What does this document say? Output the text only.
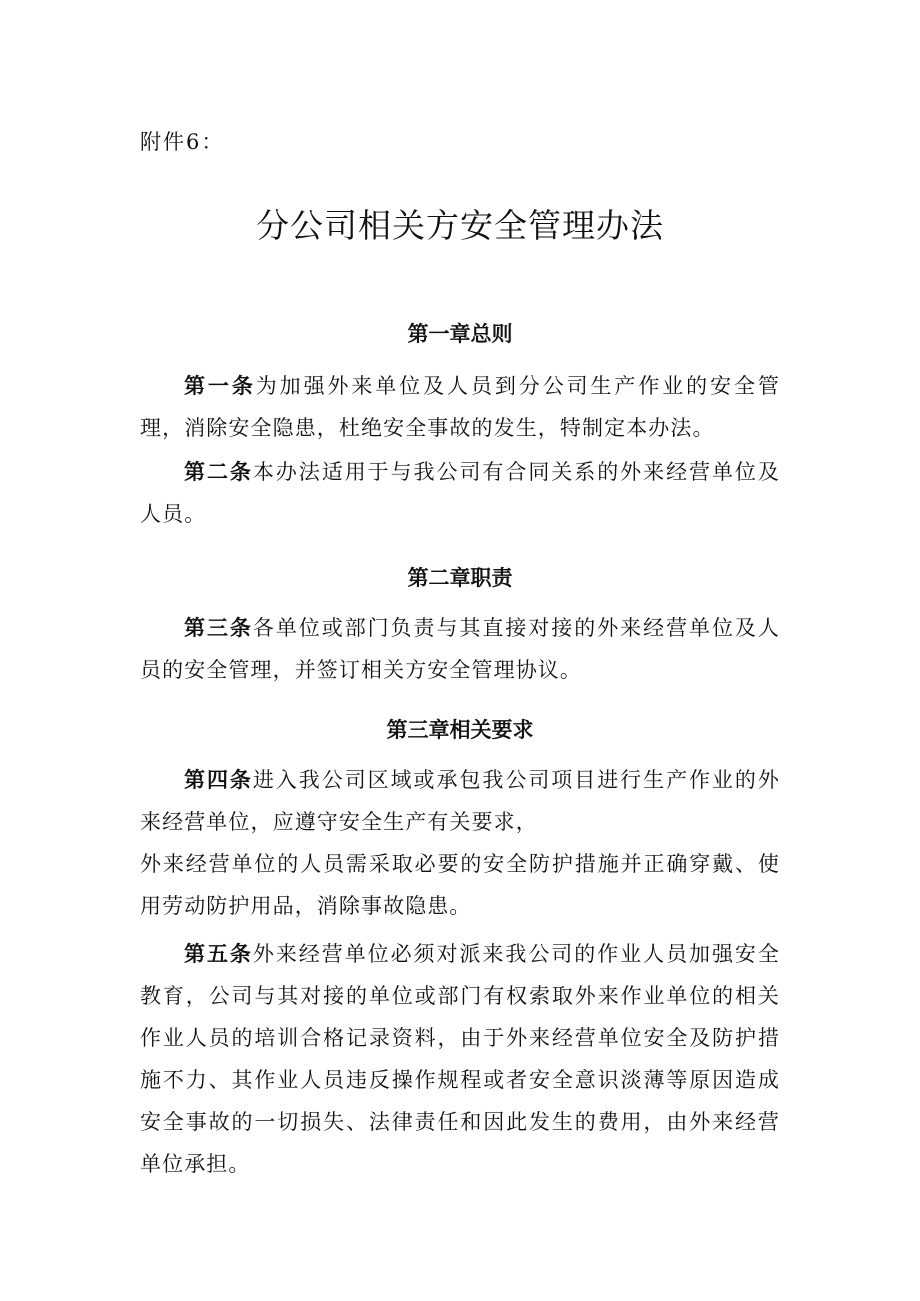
附件6：
分公司相关方安全管理办法
第一章总则

第一条为加强外来单位及人员到分公司生产作业的安全管理，消除安全隐患，杜绝安全事故的发生，特制定本办法。

第二条本办法适用于与我公司有合同关系的外来经营单位及人员。

第二章职责

第三条各单位或部门负责与其直接对接的外来经营单位及人员的安全管理，并签订相关方安全管理协议。

第三章相关要求

第四条进入我公司区域或承包我公司项目进行生产作业的外来经营单位，应遵守安全生产有关要求，

外来经营单位的人员需采取必要的安全防护措施并正确穿戴、使用劳动防护用品，消除事故隐患。

第五条外来经营单位必须对派来我公司的作业人员加强安全教育，公司与其对接的单位或部门有权索取外来作业单位的相关作业人员的培训合格记录资料，由于外来经营单位安全及防护措施不力、其作业人员违反操作规程或者安全意识淡薄等原因造成安全事故的一切损失、法律责任和因此发生的费用，由外来经营单位承担。
